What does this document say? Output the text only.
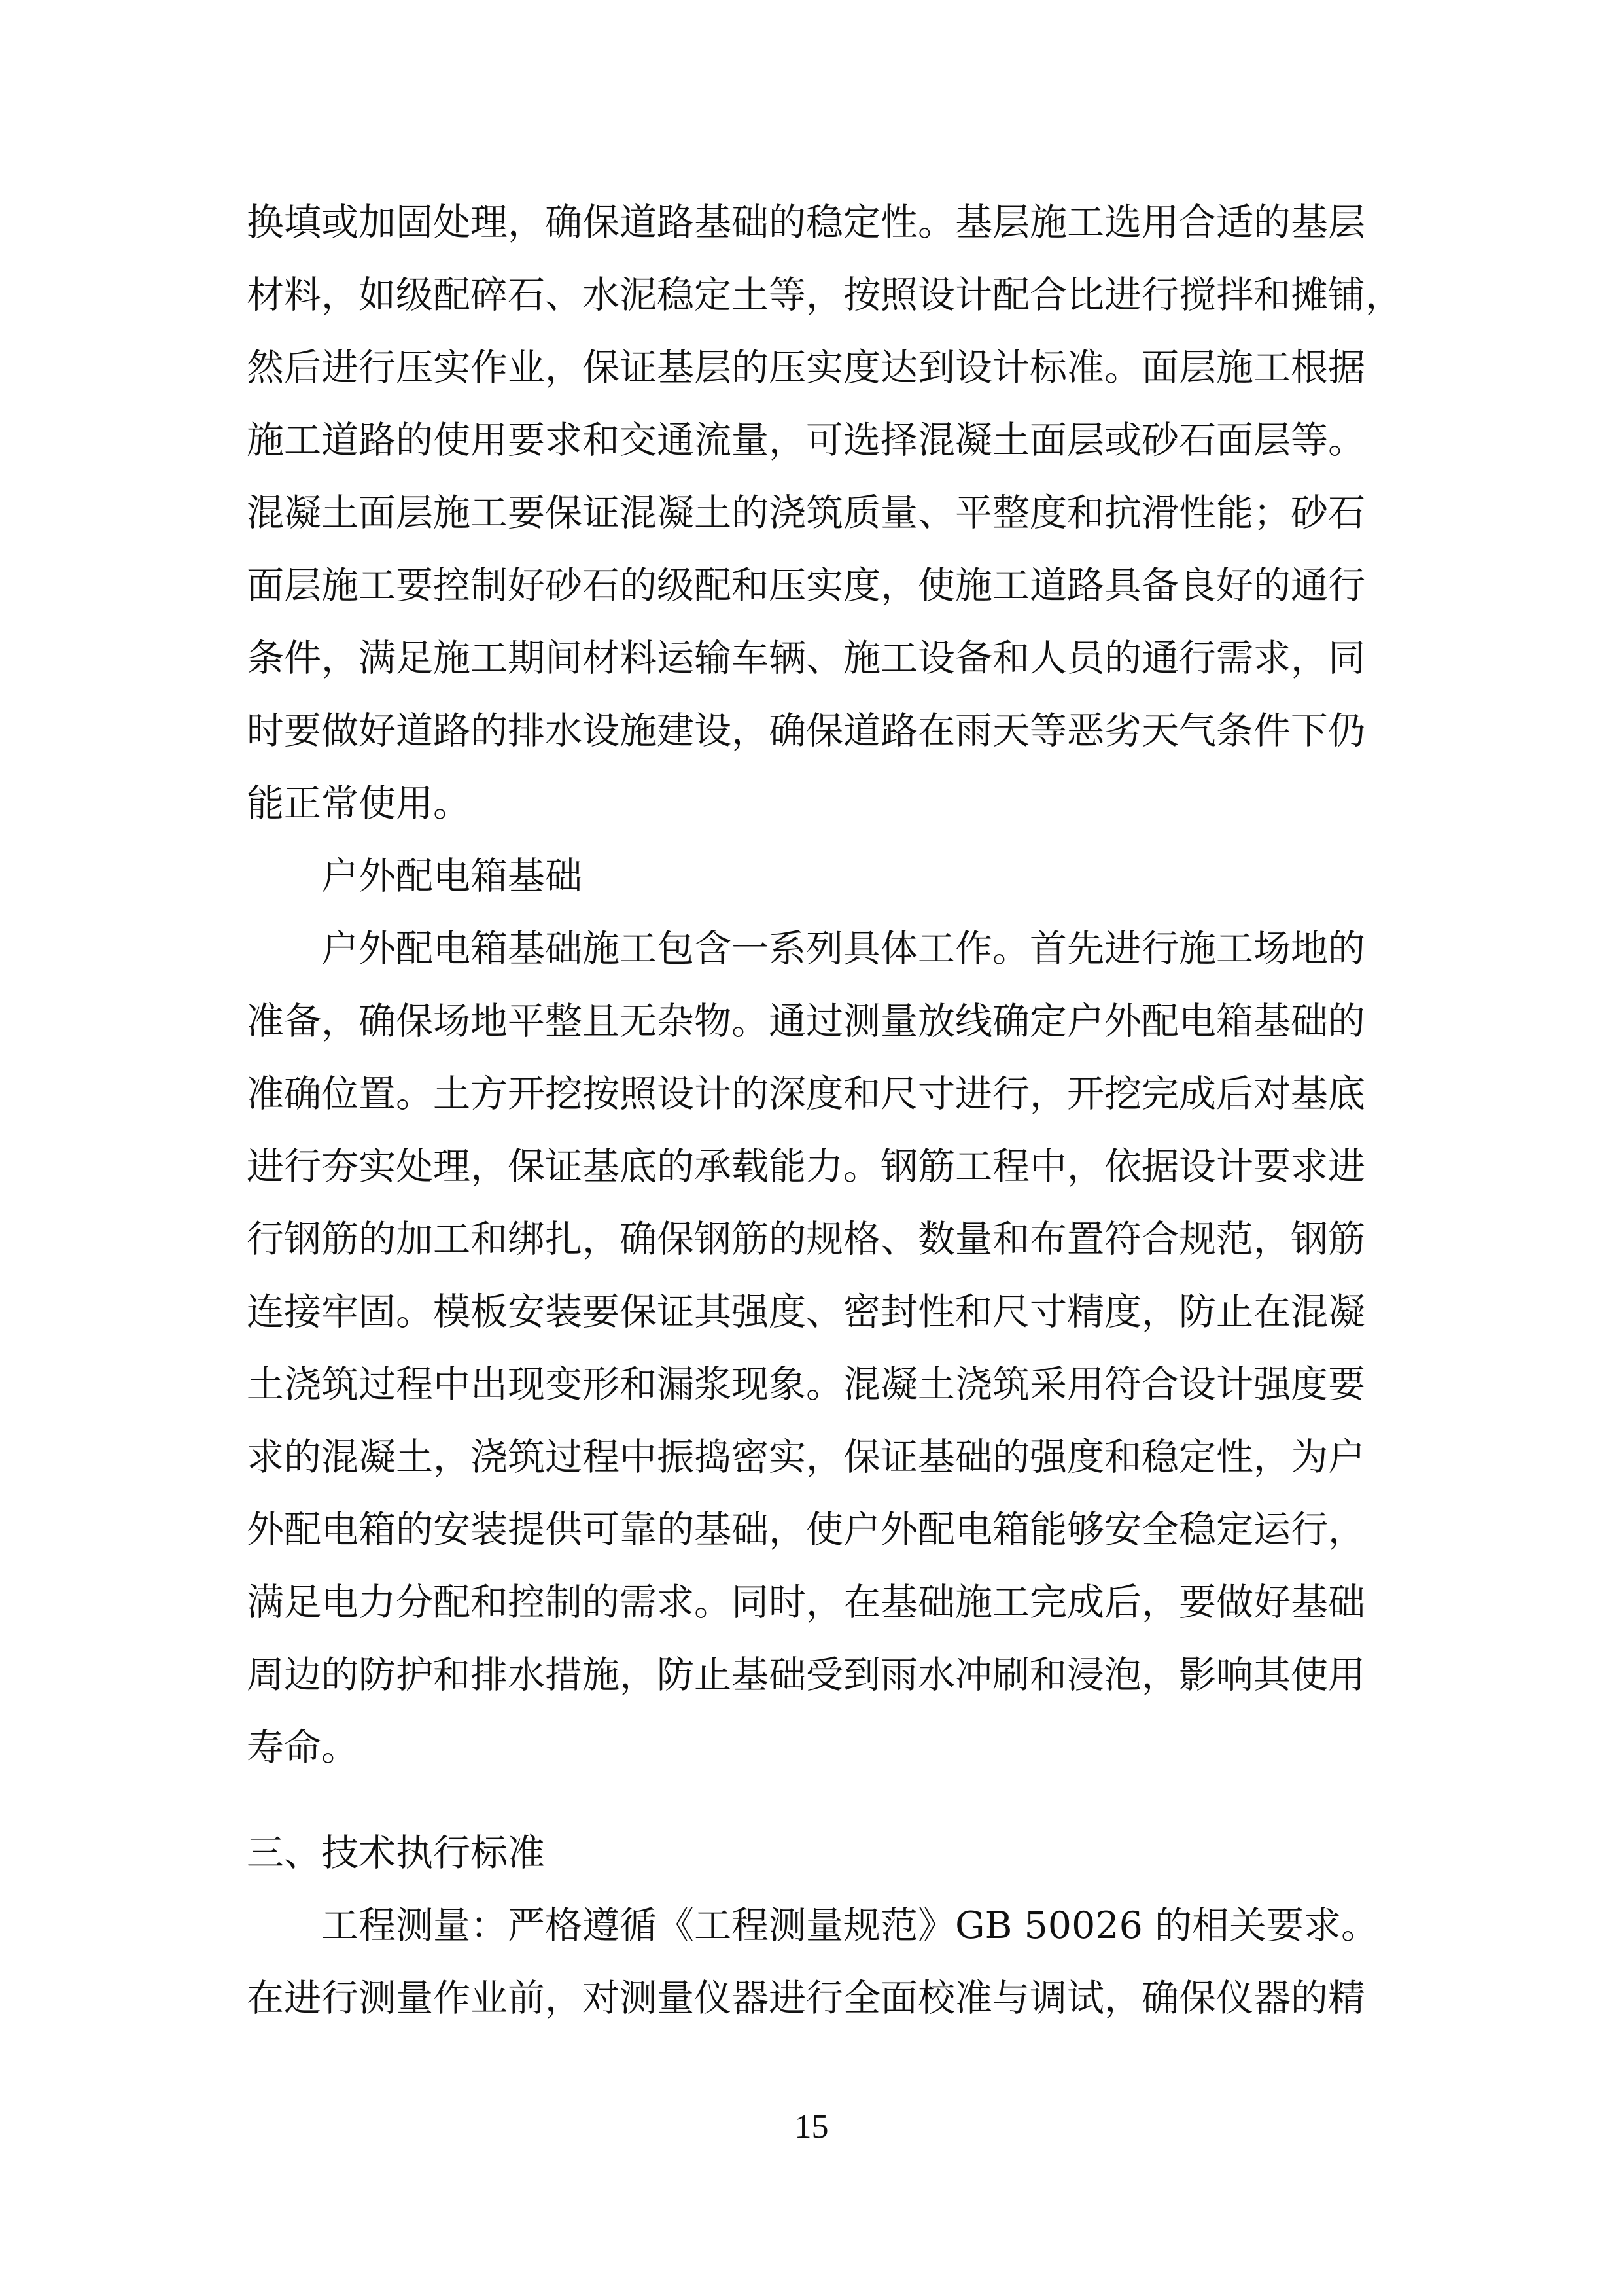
换填或加固处理，确保道路基础的稳定性。基层施工选用合适的基层
材料，如级配碎石、水泥稳定土等，按照设计配合比进行搅拌和摊铺，
然后进行压实作业，保证基层的压实度达到设计标准。面层施工根据
施工道路的使用要求和交通流量，可选择混凝土面层或砂石面层等。
混凝土面层施工要保证混凝土的浇筑质量、平整度和抗滑性能；砂石
面层施工要控制好砂石的级配和压实度，使施工道路具备良好的通行
条件，满足施工期间材料运输车辆、施工设备和人员的通行需求，同
时要做好道路的排水设施建设，确保道路在雨天等恶劣天气条件下仍
能正常使用。
户外配电箱基础
户外配电箱基础施工包含一系列具体工作。首先进行施工场地的
准备，确保场地平整且无杂物。通过测量放线确定户外配电箱基础的
准确位置。土方开挖按照设计的深度和尺寸进行，开挖完成后对基底
进行夯实处理，保证基底的承载能力。钢筋工程中，依据设计要求进
行钢筋的加工和绑扎，确保钢筋的规格、数量和布置符合规范，钢筋
连接牢固。模板安装要保证其强度、密封性和尺寸精度，防止在混凝
土浇筑过程中出现变形和漏浆现象。混凝土浇筑采用符合设计强度要
求的混凝土，浇筑过程中振捣密实，保证基础的强度和稳定性，为户
外配电箱的安装提供可靠的基础，使户外配电箱能够安全稳定运行，
满足电力分配和控制的需求。同时，在基础施工完成后，要做好基础
周边的防护和排水措施，防止基础受到雨水冲刷和浸泡，影响其使用
寿命。
三、技术执行标准
工程测量：严格遵循《工程测量规范》GB 50026 的相关要求。
在进行测量作业前，对测量仪器进行全面校准与调试，确保仪器的精
15
